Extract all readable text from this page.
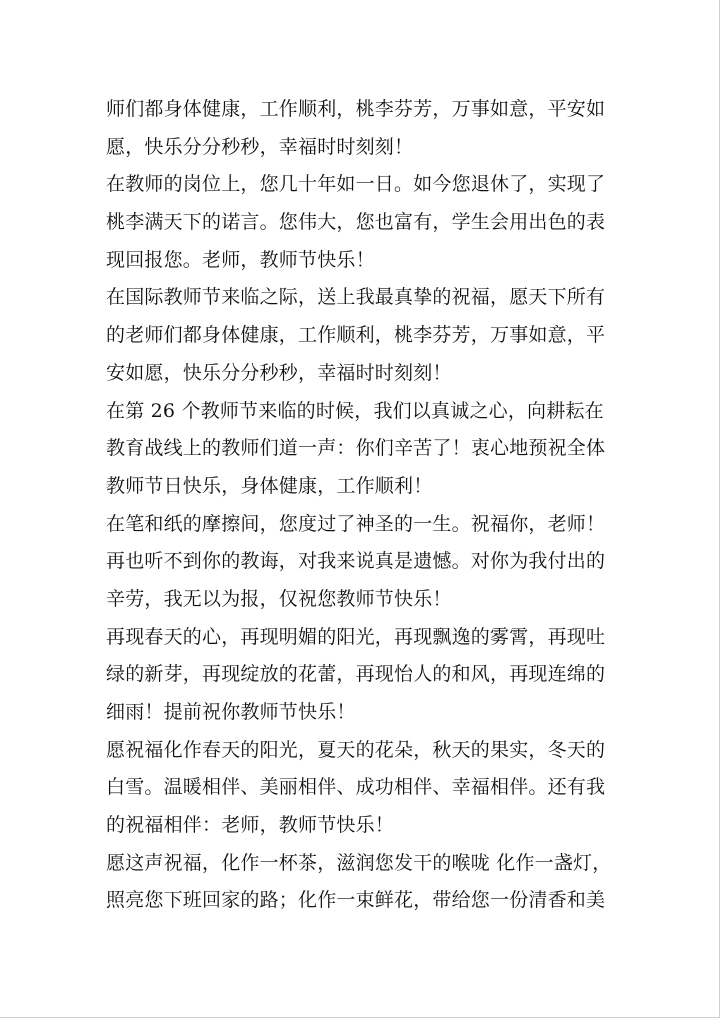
师们都身体健康，工作顺利，桃李芬芳，万事如意，平安如
愿，快乐分分秒秒，幸福时时刻刻！
在教师的岗位上，您几十年如一日。如今您退休了，实现了
桃李满天下的诺言。您伟大，您也富有，学生会用出色的表
现回报您。老师，教师节快乐！
在国际教师节来临之际，送上我最真挚的祝福，愿天下所有
的老师们都身体健康，工作顺利，桃李芬芳，万事如意，平
安如愿，快乐分分秒秒，幸福时时刻刻！
在第 26 个教师节来临的时候，我们以真诚之心，向耕耘在
教育战线上的教师们道一声：你们辛苦了！衷心地预祝全体
教师节日快乐，身体健康，工作顺利！
在笔和纸的摩擦间，您度过了神圣的一生。祝福你，老师！
再也听不到你的教诲，对我来说真是遗憾。对你为我付出的
辛劳，我无以为报，仅祝您教师节快乐！
再现春天的心，再现明媚的阳光，再现飘逸的雾霄，再现吐
绿的新芽，再现绽放的花蕾，再现怡人的和风，再现连绵的
细雨！提前祝你教师节快乐！
愿祝福化作春天的阳光，夏天的花朵，秋天的果实，冬天的
白雪。温暖相伴、美丽相伴、成功相伴、幸福相伴。还有我
的祝福相伴：老师，教师节快乐！
愿这声祝福，化作一杯茶，滋润您发干的喉咙 化作一盏灯，
照亮您下班回家的路；化作一束鲜花，带给您一份清香和美
